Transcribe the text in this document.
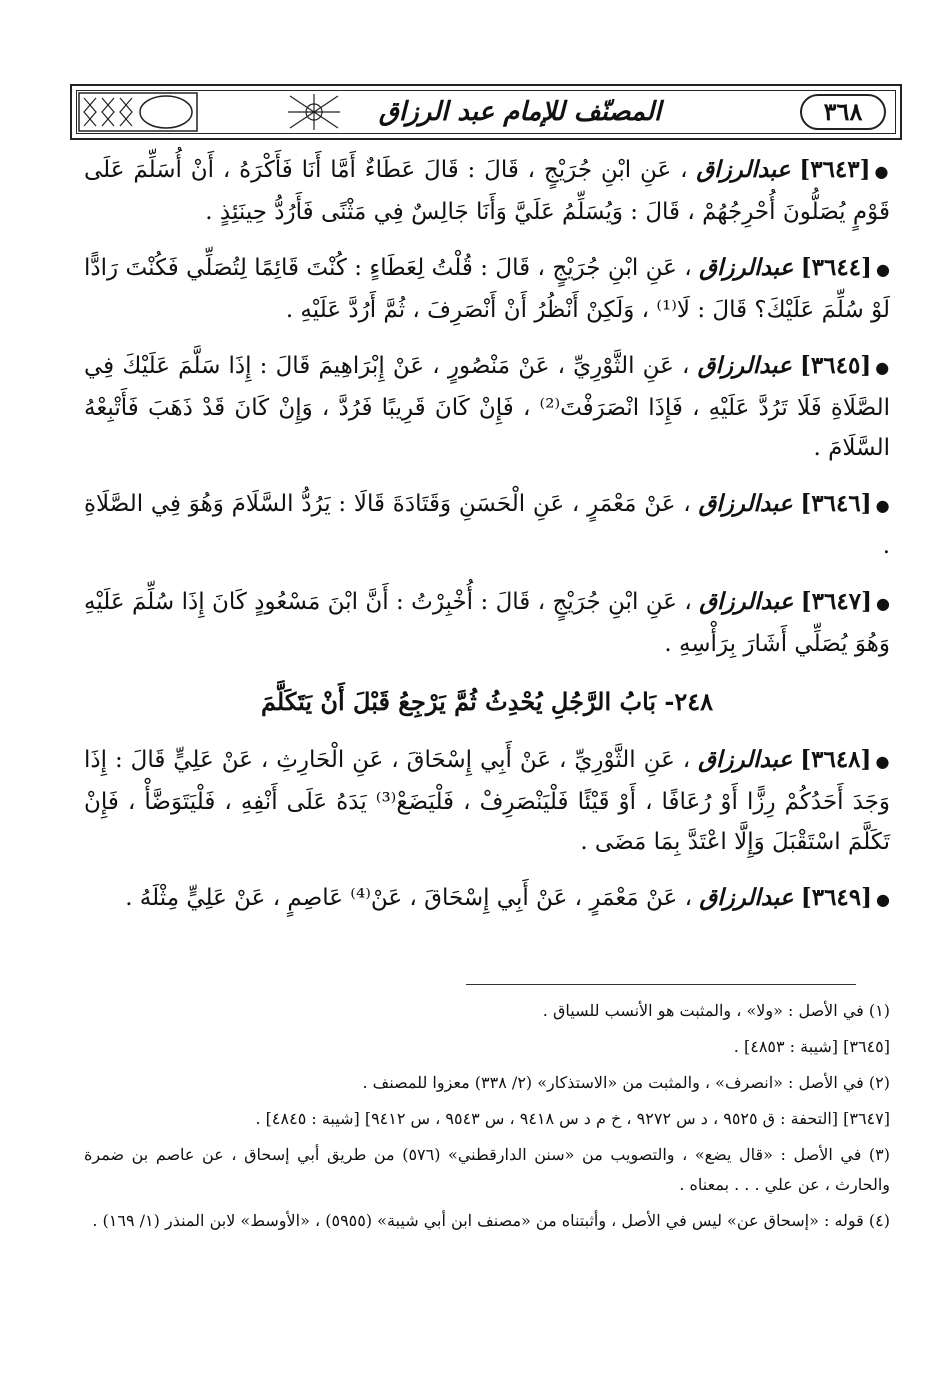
المصنّف للإمام عبد الرزاق	٣٦٨

●[٣٦٤٣] عبدالرزاق ، عَنِ ابْنِ جُرَيْجٍ ، قَالَ : قَالَ عَطَاءٌ أَمَّا أَنَا فَأَكْرَهُ ، أَنْ أُسَلِّمَ عَلَى قَوْمٍ يُصَلُّونَ أُحْرِجُهُمْ ، قَالَ : وَيُسَلِّمُ عَلَيَّ وَأَنَا جَالِسٌ فِي مَثْنًى فَأَرُدُّ حِينَئِذٍ .

●[٣٦٤٤] عبدالرزاق ، عَنِ ابْنِ جُرَيْجٍ ، قَالَ : قُلْتُ لِعَطَاءٍ : كُنْتَ قَائِمًا لِتُصَلِّي فَكُنْتَ رَادًّا لَوْ سُلِّمَ عَلَيْكَ؟ قَالَ : لَا⁽¹⁾ ، وَلَكِنْ أَنْظُرُ أَنْ أَنْصَرِفَ ، ثُمَّ أَرُدَّ عَلَيْهِ .

●[٣٦٤٥] عبدالرزاق ، عَنِ الثَّوْرِيِّ ، عَنْ مَنْصُورٍ ، عَنْ إِبْرَاهِيمَ قَالَ : إِذَا سَلَّمَ عَلَيْكَ فِي الصَّلَاةِ فَلَا تَرُدَّ عَلَيْهِ ، فَإِذَا انْصَرَفْتَ⁽²⁾ ، فَإِنْ كَانَ قَرِيبًا فَرُدَّ ، وَإِنْ كَانَ قَدْ ذَهَبَ فَأَتْبِعْهُ السَّلَامَ .

●[٣٦٤٦] عبدالرزاق ، عَنْ مَعْمَرٍ ، عَنِ الْحَسَنِ وَقَتَادَةَ قَالَا : يَرُدُّ السَّلَامَ وَهُوَ فِي الصَّلَاةِ .

●[٣٦٤٧] عبدالرزاق ، عَنِ ابْنِ جُرَيْجٍ ، قَالَ : أُخْبِرْتُ : أَنَّ ابْنَ مَسْعُودٍ كَانَ إِذَا سُلِّمَ عَلَيْهِ وَهُوَ يُصَلِّي أَشَارَ بِرَأْسِهِ .

٢٤٨- بَابُ الرَّجُلِ يُحْدِثُ ثُمَّ يَرْجِعُ قَبْلَ أَنْ يَتَكَلَّمَ

●[٣٦٤٨] عبدالرزاق ، عَنِ الثَّوْرِيِّ ، عَنْ أَبِي إِسْحَاقَ ، عَنِ الْحَارِثِ ، عَنْ عَلِيٍّ قَالَ : إِذَا وَجَدَ أَحَدُكُمْ رِزًّا أَوْ رُعَافًا ، أَوْ قَيْئًا فَلْيَنْصَرِفْ ، فَلْيَضَعْ⁽³⁾ يَدَهُ عَلَى أَنْفِهِ ، فَلْيَتَوَضَّأْ ، فَإِنْ تَكَلَّمَ اسْتَقْبَلَ وَإِلَّا اعْتَدَّ بِمَا مَضَى .

●[٣٦٤٩] عبدالرزاق ، عَنْ مَعْمَرٍ ، عَنْ أَبِي إِسْحَاقَ ، عَنْ⁽⁴⁾ عَاصِمٍ ، عَنْ عَلِيٍّ مِثْلَهُ .

(١) في الأصل : «ولا» ، والمثبت هو الأنسب للسياق .

[٣٦٤٥] [شيبة : ٤٨٥٣] .

(٢) في الأصل : «انصرف» ، والمثبت من «الاستذكار» (٢/ ٣٣٨) معزوا للمصنف .

[٣٦٤٧] [التحفة : ق ٩٥٢٥ ، د س ٩٢٧٢ ، خ م د س ٩٤١٨ ، س ٩٥٤٣ ، س ٩٤١٢] [شيبة : ٤٨٤٥] .

(٣) في الأصل : «قال يضع» ، والتصويب من «سنن الدارقطني» (٥٧٦) من طريق أبي إسحاق ، عن عاصم بن ضمرة والحارث ، عن علي . . . بمعناه .

(٤) قوله : «إسحاق عن» ليس في الأصل ، وأثبتناه من «مصنف ابن أبي شيبة» (٥٩٥٥) ، «الأوسط» لابن المنذر (١/ ١٦٩) .
